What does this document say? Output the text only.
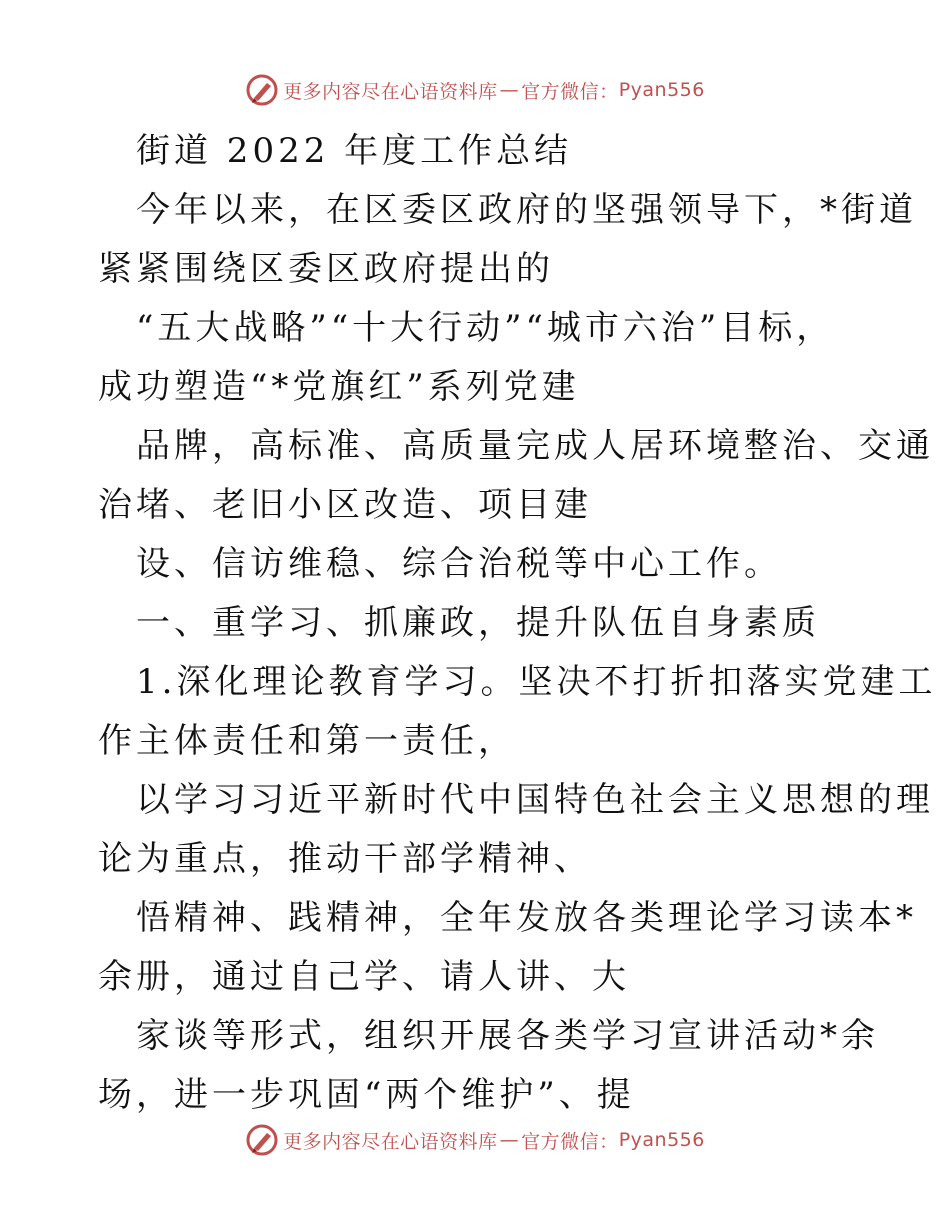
更多内容尽在心语资料库 — 官方微信： Pyan556
街道 2022 年度工作总结
今年以来，在区委区政府的坚强领导下，*街道
紧紧围绕区委区政府提出的
“五大战略”“十大行动”“城市六治”目标，
成功塑造“*党旗红”系列党建
品牌，高标准、高质量完成人居环境整治、交通
治堵、老旧小区改造、项目建
设、信访维稳、综合治税等中心工作。
一、重学习、抓廉政，提升队伍自身素质
1.深化理论教育学习。坚决不打折扣落实党建工
作主体责任和第一责任，
以学习习近平新时代中国特色社会主义思想的理
论为重点，推动干部学精神、
悟精神、践精神，全年发放各类理论学习读本*
余册，通过自己学、请人讲、大
家谈等形式，组织开展各类学习宣讲活动*余
场，进一步巩固“两个维护”、提
更多内容尽在心语资料库 — 官方微信： Pyan556
